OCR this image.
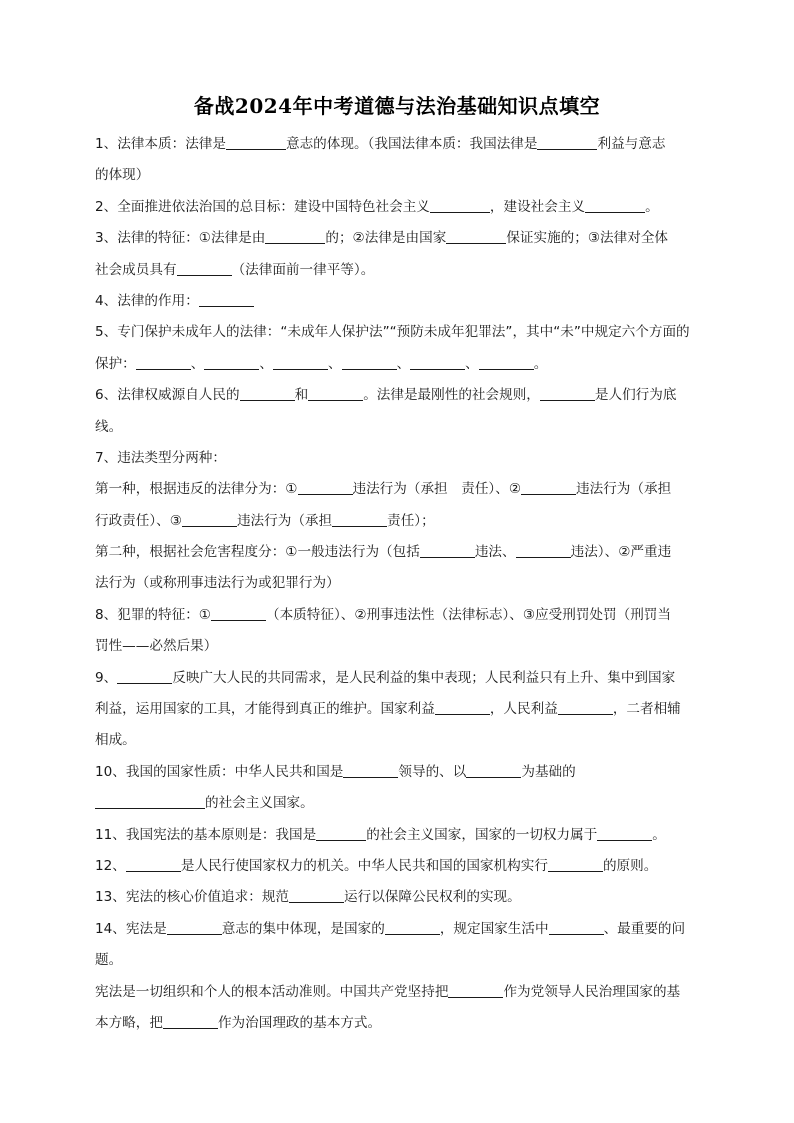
备战2024年中考道德与法治基础知识点填空
1、法律本质：法律是	意志的体现。（我国法律本质：我国法律是	利益与意志
的体现）
2、全面推进依法治国的总目标：建设中国特色社会主义	，建设社会主义	。
3、法律的特征：①法律是由	的；②法律是由国家	保证实施的；③法律对全体
社会成员具有	（法律面前一律平等）。
4、法律的作用：
5、专门保护未成年人的法律：“未成年人保护法”“预防未成年犯罪法”，其中“未”中规定六个方面的
保护：	、	、	、	、	、	。
6、法律权威源自人民的	和	。法律是最刚性的社会规则，	是人们行为底
线。
7、违法类型分两种：
第一种，根据违反的法律分为：①	违法行为（承担　责任）、②	违法行为（承担
行政责任）、③	违法行为（承担	责任）；
第二种，根据社会危害程度分：①一般违法行为（包括	违法、	违法）、②严重违
法行为（或称刑事违法行为或犯罪行为）
8、犯罪的特征：①	（本质特征）、②刑事违法性（法律标志）、③应受刑罚处罚（刑罚当
罚性——必然后果）
9、	反映广大人民的共同需求，是人民利益的集中表现；人民利益只有上升、集中到国家
利益，运用国家的工具，才能得到真正的维护。国家利益	，人民利益	，二者相辅
相成。
10、我国的国家性质：中华人民共和国是	领导的、以	为基础的
的社会主义国家。
11、我国宪法的基本原则是：我国是	的社会主义国家，国家的一切权力属于	。
12、	是人民行使国家权力的机关。中华人民共和国的国家机构实行	的原则。
13、宪法的核心价值追求：规范	运行以保障公民权利的实现。
14、宪法是	意志的集中体现，是国家的	，规定国家生活中	、最重要的问
题。
宪法是一切组织和个人的根本活动准则。中国共产党坚持把	作为党领导人民治理国家的基
本方略，把	作为治国理政的基本方式。
